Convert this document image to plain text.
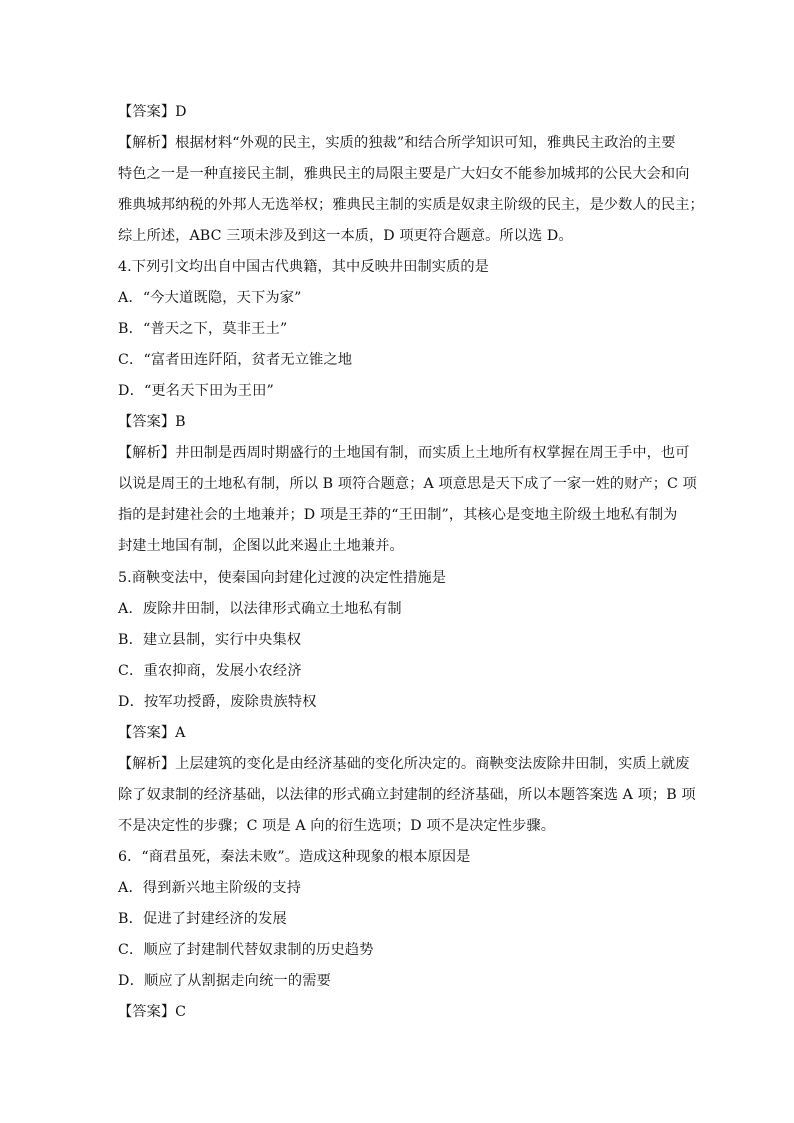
【答案】D
【解析】根据材料“外观的民主，实质的独裁”和结合所学知识可知，雅典民主政治的主要
特色之一是一种直接民主制，雅典民主的局限主要是广大妇女不能参加城邦的公民大会和向
雅典城邦纳税的外邦人无选举权；雅典民主制的实质是奴隶主阶级的民主，是少数人的民主；
综上所述，ABC 三项未涉及到这一本质，D 项更符合题意。所以选 D。
4.下列引文均出自中国古代典籍，其中反映井田制实质的是
A．“今大道既隐，天下为家”
B．“普天之下，莫非王土”
C．“富者田连阡陌，贫者无立锥之地
D．“更名天下田为王田”
【答案】B
【解析】井田制是西周时期盛行的土地国有制，而实质上土地所有权掌握在周王手中，也可
以说是周王的土地私有制，所以 B 项符合题意；A 项意思是天下成了一家一姓的财产；C 项
指的是封建社会的土地兼并；D 项是王莽的“王田制”，其核心是变地主阶级土地私有制为
封建土地国有制，企图以此来遏止土地兼并。
5.商鞅变法中，使秦国向封建化过渡的决定性措施是
A．废除井田制，以法律形式确立土地私有制
B．建立县制，实行中央集权
C．重农抑商，发展小农经济
D．按军功授爵，废除贵族特权
【答案】A
【解析】上层建筑的变化是由经济基础的变化所决定的。商鞅变法废除井田制，实质上就废
除了奴隶制的经济基础，以法律的形式确立封建制的经济基础，所以本题答案选 A 项；B 项
不是决定性的步骤；C 项是 A 向的衍生选项；D 项不是决定性步骤。
6．“商君虽死，秦法未败”。造成这种现象的根本原因是
A．得到新兴地主阶级的支持
B．促进了封建经济的发展
C．顺应了封建制代替奴隶制的历史趋势
D．顺应了从割据走向统一的需要
【答案】C
